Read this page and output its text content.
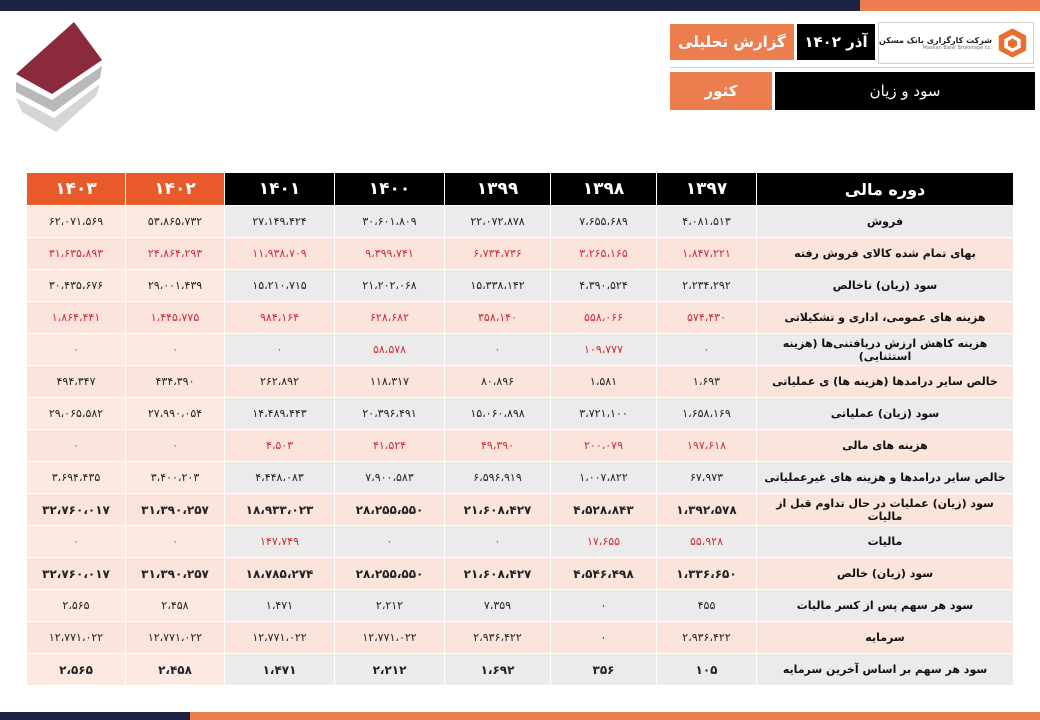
گزارش تحلیلی	آذر ۱۴۰۲	شرکت کارگزاری بانک مسکن
Maskan Bank Brokerage co.
کثور	سود و زیان
دوره مالی	۱۳۹۷	۱۳۹۸	۱۳۹۹	۱۴۰۰	۱۴۰۱	۱۴۰۲	۱۴۰۳
فروش	۴،۰۸۱،۵۱۳	۷،۶۵۵،۶۸۹	۲۲،۰۷۲،۸۷۸	۳۰،۶۰۱،۸۰۹	۲۷،۱۴۹،۴۲۴	۵۳،۸۶۵،۷۳۲	۶۲،۰۷۱،۵۶۹
بهای تمام شده کالای فروش رفته	۱،۸۴۷،۲۲۱	۳،۲۶۵،۱۶۵	۶،۷۳۴،۷۳۶	۹،۳۹۹،۷۴۱	۱۱،۹۳۸،۷۰۹	۲۴،۸۶۴،۲۹۳	۳۱،۶۳۵،۸۹۳
سود (زیان) ناخالص	۲،۲۳۴،۲۹۲	۴،۳۹۰،۵۲۴	۱۵،۳۳۸،۱۴۲	۲۱،۲۰۲،۰۶۸	۱۵،۲۱۰،۷۱۵	۲۹،۰۰۱،۴۳۹	۳۰،۴۳۵،۶۷۶
هزینه های عمومی، اداری و تشکیلاتی	۵۷۴،۴۳۰	۵۵۸،۰۶۶	۳۵۸،۱۴۰	۶۲۸،۶۸۲	۹۸۴،۱۶۴	۱،۴۴۵،۷۷۵	۱،۸۶۴،۴۴۱
هزینه کاهش ارزش دریافتنی‌ها (هزینه استثنایی)	۰	۱۰۹،۷۷۷	۰	۵۸،۵۷۸	۰	۰	۰
خالص سایر درامدها (هزینه ها) ی عملیاتی	۱،۶۹۳	۱،۵۸۱	۸۰،۸۹۶	۱۱۸،۳۱۷	۲۶۲،۸۹۲	۴۳۴،۳۹۰	۴۹۴،۳۴۷
سود (زیان) عملیاتی	۱،۶۵۸،۱۶۹	۳،۷۲۱،۱۰۰	۱۵،۰۶۰،۸۹۸	۲۰،۳۹۶،۴۹۱	۱۴،۴۸۹،۴۴۳	۲۷،۹۹۰،۰۵۴	۲۹،۰۶۵،۵۸۲
هزینه های مالی	۱۹۷،۶۱۸	۲۰۰،۰۷۹	۴۹،۳۹۰	۴۱،۵۲۴	۴،۵۰۳	۰	۰
خالص سایر درامدها و هزینه های غیرعملیاتی	۶۷،۹۷۳	۱،۰۰۷،۸۲۲	۶،۵۹۶،۹۱۹	۷،۹۰۰،۵۸۳	۴،۴۴۸،۰۸۳	۳،۴۰۰،۲۰۳	۳،۶۹۴،۴۳۵
سود (زیان) عملیات در حال تداوم قبل از مالیات	۱،۳۹۲،۵۷۸	۴،۵۲۸،۸۴۳	۲۱،۶۰۸،۴۲۷	۲۸،۲۵۵،۵۵۰	۱۸،۹۳۳،۰۲۳	۳۱،۳۹۰،۲۵۷	۳۲،۷۶۰،۰۱۷
مالیات	۵۵،۹۲۸	۱۷،۶۵۵	۰	۰	۱۴۷،۷۴۹	۰	۰
سود (زیان) خالص	۱،۳۳۶،۶۵۰	۴،۵۴۶،۴۹۸	۲۱،۶۰۸،۴۲۷	۲۸،۲۵۵،۵۵۰	۱۸،۷۸۵،۲۷۴	۳۱،۳۹۰،۲۵۷	۳۲،۷۶۰،۰۱۷
سود هر سهم پس از کسر مالیات	۴۵۵	۰	۷،۳۵۹	۲،۲۱۲	۱،۴۷۱	۲،۴۵۸	۲،۵۶۵
سرمایه	۲،۹۳۶،۴۲۲	۰	۲،۹۳۶،۴۲۲	۱۲،۷۷۱،۰۲۲	۱۲،۷۷۱،۰۲۲	۱۲،۷۷۱،۰۲۲	۱۲،۷۷۱،۰۲۲
سود هر سهم بر اساس آخرین سرمایه	۱۰۵	۳۵۶	۱،۶۹۲	۲،۲۱۲	۱،۴۷۱	۲،۴۵۸	۲،۵۶۵
